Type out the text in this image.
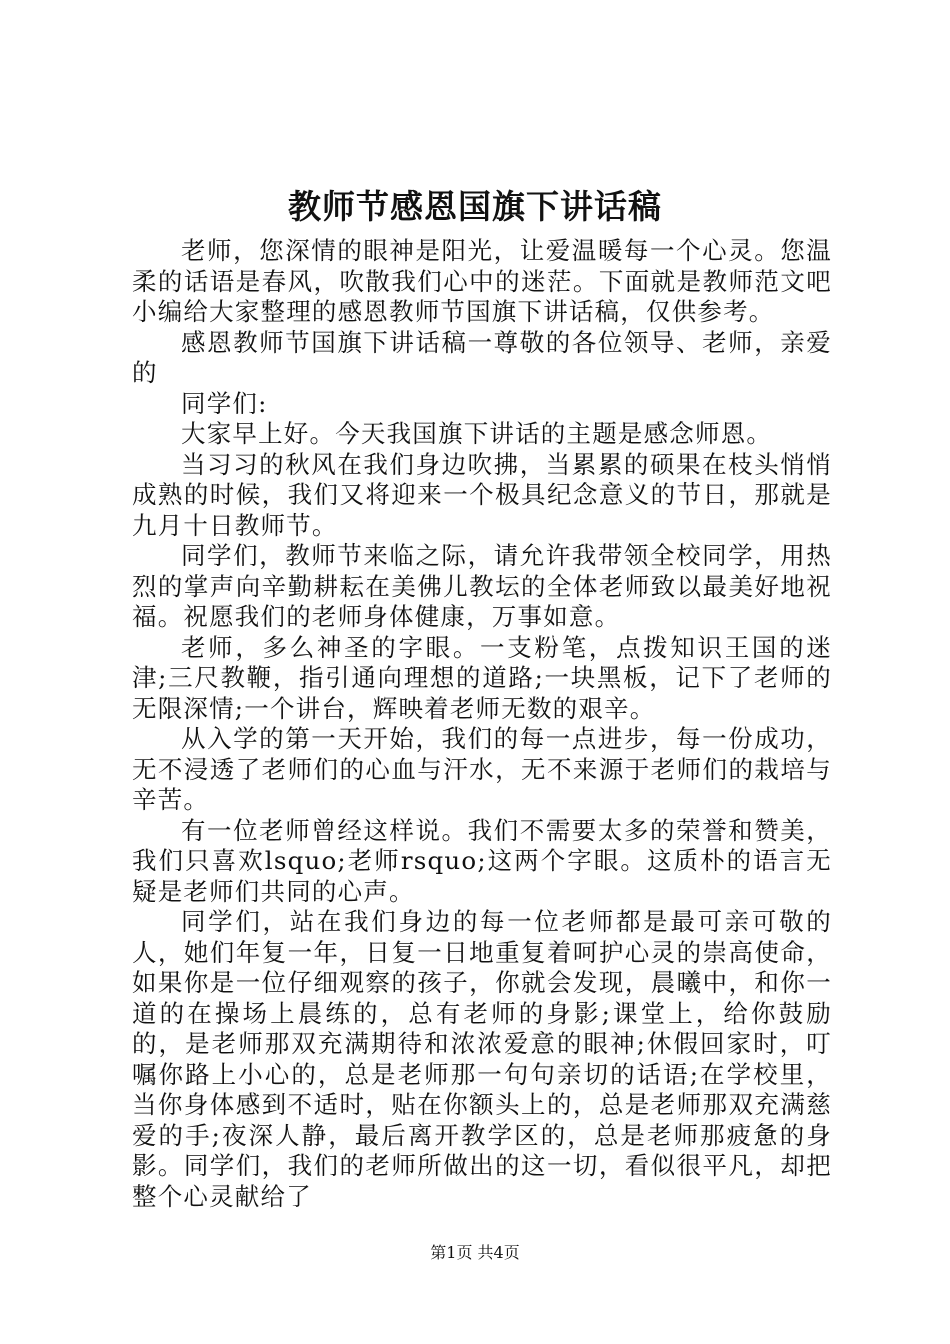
教师节感恩国旗下讲话稿

老师，您深情的眼神是阳光，让爱温暖每一个心灵。您温柔的话语是春风，吹散我们心中的迷茫。下面就是教师范文吧小编给大家整理的感恩教师节国旗下讲话稿，仅供参考。

感恩教师节国旗下讲话稿一尊敬的各位领导、老师，亲爱的

同学们:

大家早上好。今天我国旗下讲话的主题是感念师恩。

当习习的秋风在我们身边吹拂，当累累的硕果在枝头悄悄成熟的时候，我们又将迎来一个极具纪念意义的节日，那就是九月十日教师节。

同学们，教师节来临之际，请允许我带领全校同学，用热烈的掌声向辛勤耕耘在美佛儿教坛的全体老师致以最美好地祝福。祝愿我们的老师身体健康，万事如意。

老师，多么神圣的字眼。一支粉笔，点拨知识王国的迷津;三尺教鞭，指引通向理想的道路;一块黑板，记下了老师的无限深情;一个讲台，辉映着老师无数的艰辛。

从入学的第一天开始，我们的每一点进步，每一份成功，无不浸透了老师们的心血与汗水，无不来源于老师们的栽培与辛苦。

有一位老师曾经这样说。我们不需要太多的荣誉和赞美，我们只喜欢lsquo;老师rsquo;这两个字眼。这质朴的语言无疑是老师们共同的心声。

同学们，站在我们身边的每一位老师都是最可亲可敬的人，她们年复一年，日复一日地重复着呵护心灵的崇高使命，如果你是一位仔细观察的孩子，你就会发现，晨曦中，和你一道的在操场上晨练的，总有老师的身影;课堂上，给你鼓励的，是老师那双充满期待和浓浓爱意的眼神;休假回家时，叮嘱你路上小心的，总是老师那一句句亲切的话语;在学校里，当你身体感到不适时，贴在你额头上的，总是老师那双充满慈爱的手;夜深人静，最后离开教学区的，总是老师那疲惫的身影。同学们，我们的老师所做出的这一切，看似很平凡，却把整个心灵献给了

第1页 共4页
